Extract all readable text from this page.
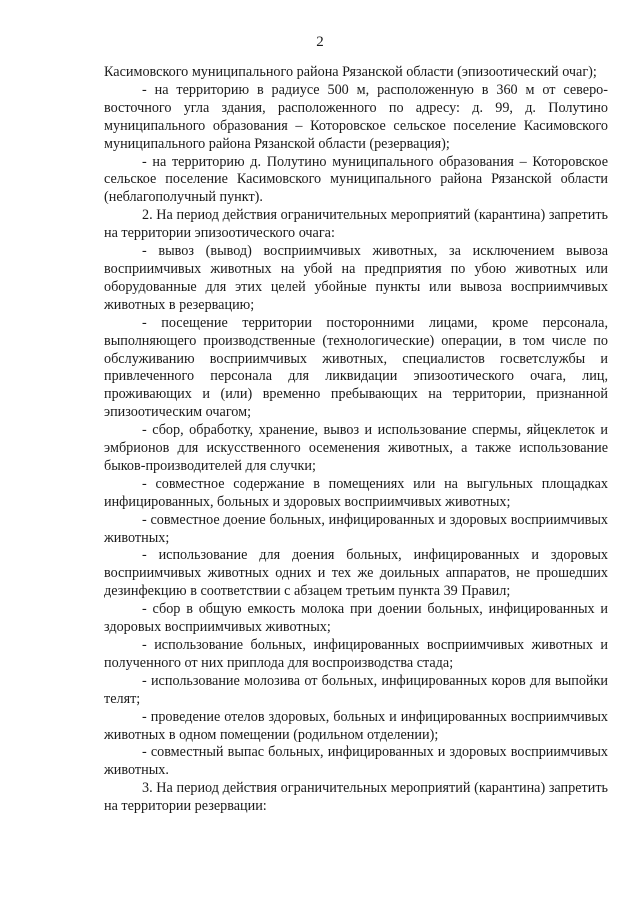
2

Касимовского муниципального района Рязанской области (эпизоотический очаг);

- на территорию в радиусе 500 м, расположенную в 360 м от северо-восточного угла здания, расположенного по адресу: д. 99, д. Полутино муниципального образования – Которовское сельское поселение Касимовского муниципального района Рязанской области (резервация);

- на территорию д. Полутино муниципального образования – Которовское сельское поселение Касимовского муниципального района Рязанской области (неблагополучный пункт).

2. На период действия ограничительных мероприятий (карантина) запретить на территории эпизоотического очага:

- вывоз (вывод) восприимчивых животных, за исключением вывоза восприимчивых животных на убой на предприятия по убою животных или оборудованные для этих целей убойные пункты или вывоза восприимчивых животных в резервацию;

- посещение территории посторонними лицами, кроме персонала, выполняющего производственные (технологические) операции, в том числе по обслуживанию восприимчивых животных, специалистов госветслужбы и привлеченного персонала для ликвидации эпизоотического очага, лиц, проживающих и (или) временно пребывающих на территории, признанной эпизоотическим очагом;

- сбор, обработку, хранение, вывоз и использование спермы, яйцеклеток и эмбрионов для искусственного осеменения животных, а также использование быков-производителей для случки;

- совместное содержание в помещениях или на выгульных площадках инфицированных, больных и здоровых восприимчивых животных;

- совместное доение больных, инфицированных и здоровых восприимчивых животных;

- использование для доения больных, инфицированных и здоровых восприимчивых животных одних и тех же доильных аппаратов, не прошедших дезинфекцию в соответствии с абзацем третьим пункта 39 Правил;

- сбор в общую емкость молока при доении больных, инфицированных и здоровых восприимчивых животных;

- использование больных, инфицированных восприимчивых животных и полученного от них приплода для воспроизводства стада;

- использование молозива от больных, инфицированных коров для выпойки телят;

- проведение отелов здоровых, больных и инфицированных восприимчивых животных в одном помещении (родильном отделении);

- совместный выпас больных, инфицированных и здоровых восприимчивых животных.

3. На период действия ограничительных мероприятий (карантина) запретить на территории резервации:
